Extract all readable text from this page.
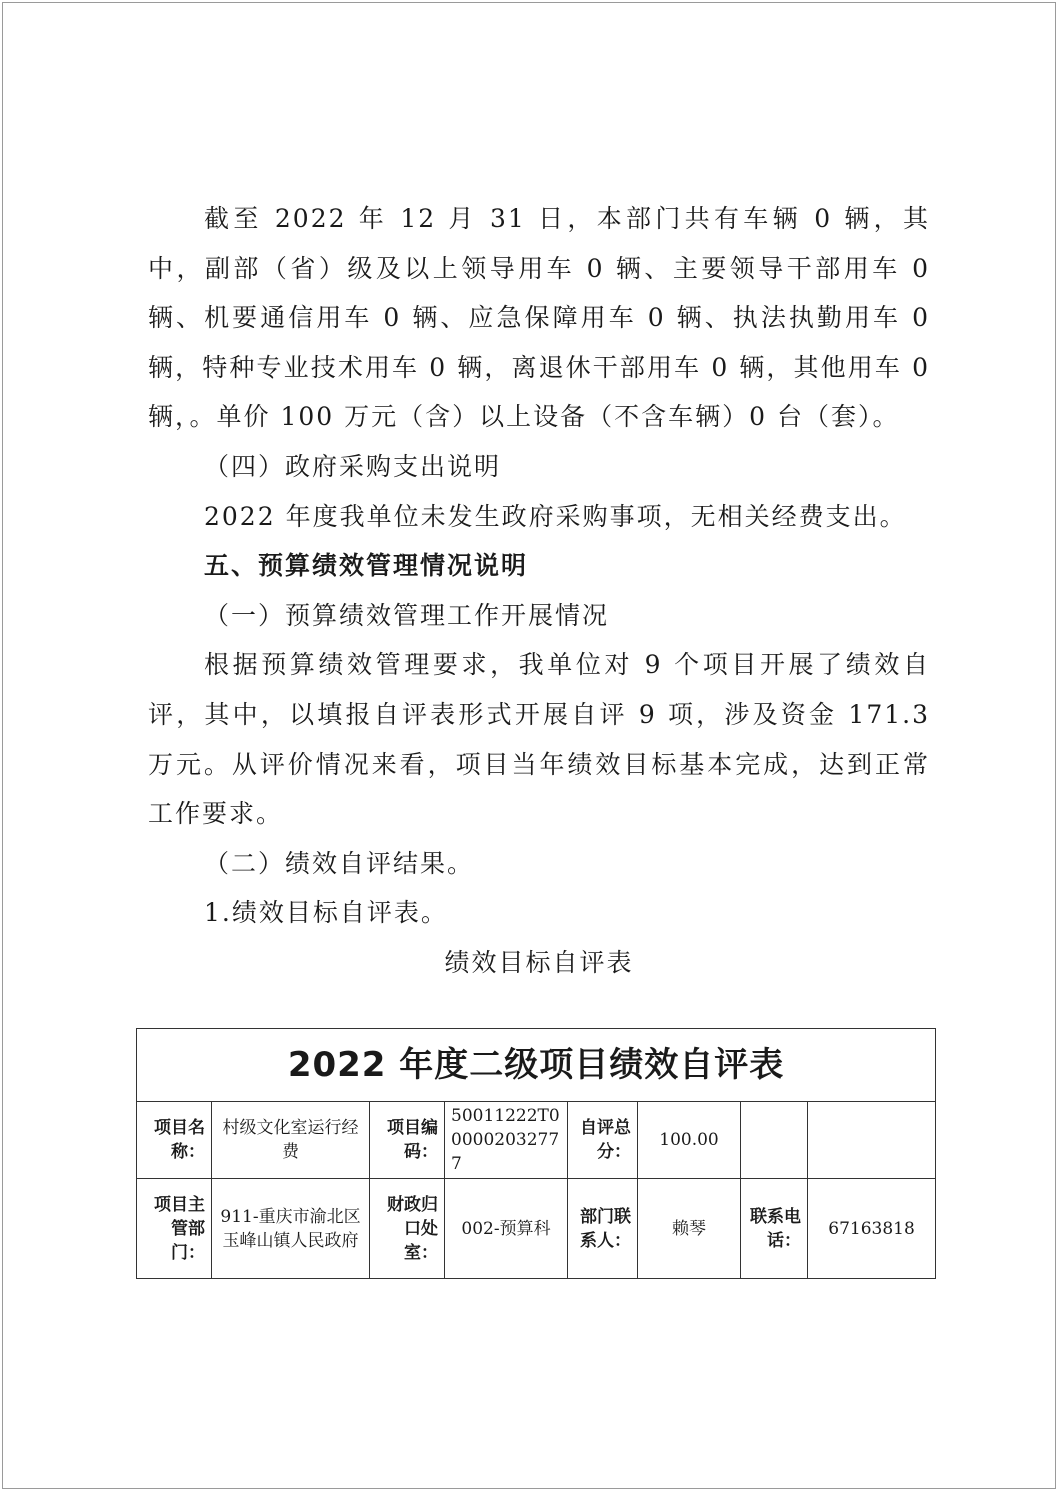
截至 2022 年 12 月 31 日，本部门共有车辆 0 辆，其中，副部（省）级及以上领导用车 0 辆、主要领导干部用车 0 辆、机要通信用车 0 辆、应急保障用车 0 辆、执法执勤用车 0 辆，特种专业技术用车 0 辆，离退休干部用车 0 辆，其他用车 0 辆，。单价 100 万元（含）以上设备（不含车辆）0 台（套）。

（四）政府采购支出说明

2022 年度我单位未发生政府采购事项，无相关经费支出。

五、预算绩效管理情况说明

（一）预算绩效管理工作开展情况

根据预算绩效管理要求，我单位对 9 个项目开展了绩效自评，其中，以填报自评表形式开展自评 9 项，涉及资金 171.3 万元。从评价情况来看，项目当年绩效目标基本完成，达到正常工作要求。

（二）绩效自评结果。

1.绩效目标自评表。

绩效目标自评表

2022 年度二级项目绩效自评表							
项目名称：	村级文化室运行经费	项目编码：	50011222T000002032777	自评总分：	100.00		
项目主管部门：	911-重庆市渝北区玉峰山镇人民政府	财政归口处室：	002-预算科	部门联系人：	赖琴	联系电话：	67163818
